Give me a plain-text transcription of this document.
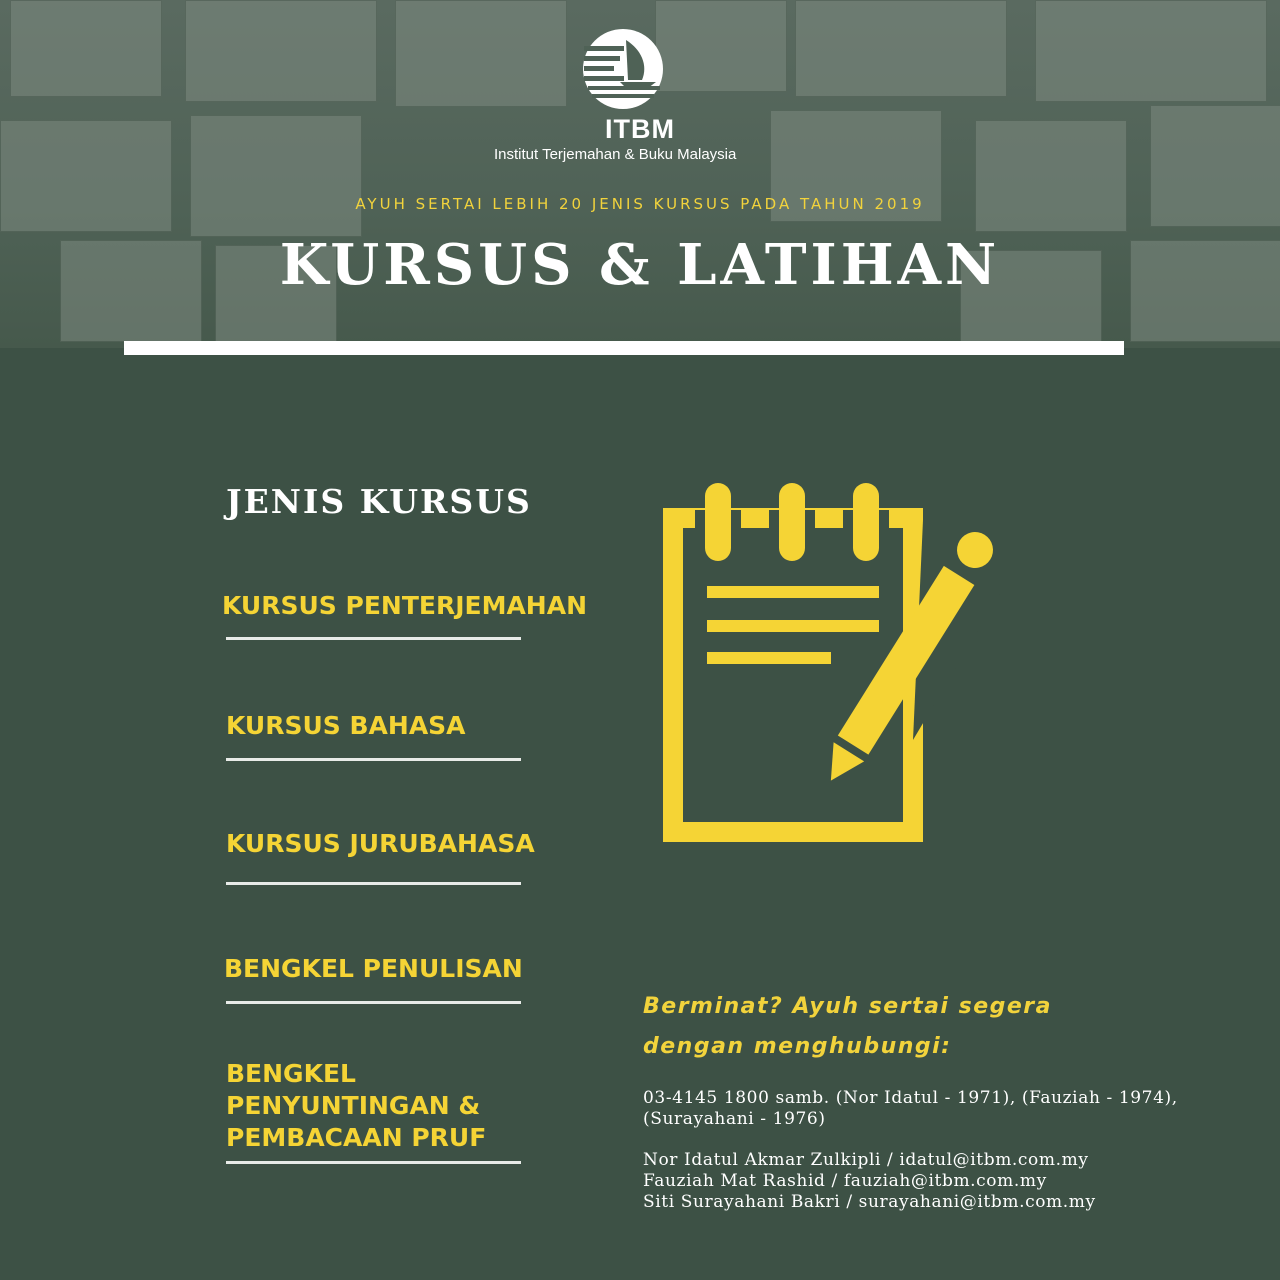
ITBM
Institut Terjemahan & Buku Malaysia
AYUH SERTAI LEBIH 20 JENIS KURSUS PADA TAHUN 2019
KURSUS & LATIHAN
JENIS KURSUS
KURSUS PENTERJEMAHAN
KURSUS BAHASA
KURSUS JURUBAHASA
BENGKEL PENULISAN
BENGKEL
PENYUNTINGAN &
PEMBACAAN PRUF
Berminat? Ayuh sertai segera
dengan menghubungi:
03-4145 1800 samb. (Nor Idatul - 1971), (Fauziah - 1974),
(Surayahani - 1976)
Nor Idatul Akmar Zulkipli / idatul@itbm.com.my
Fauziah Mat Rashid / fauziah@itbm.com.my
Siti Surayahani Bakri / surayahani@itbm.com.my
